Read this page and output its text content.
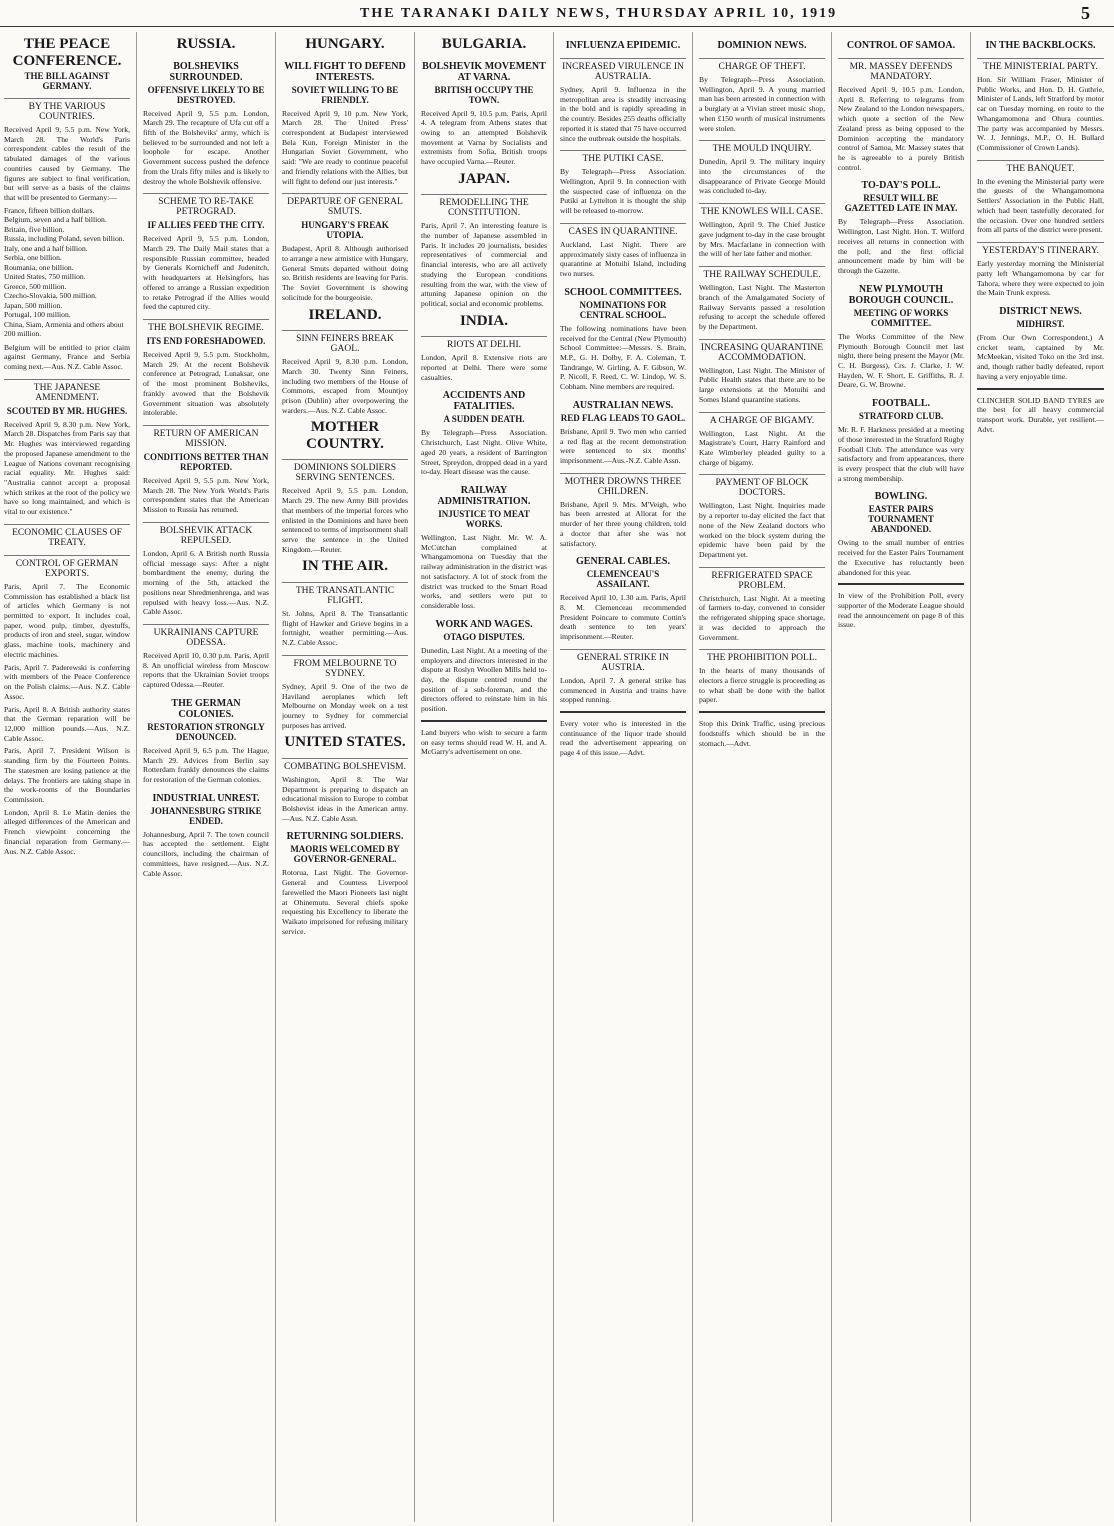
THE TARANAKI DAILY NEWS, THURSDAY APRIL 10, 1919	5
THE PEACE CONFERENCE.
THE BILL AGAINST GERMANY.
BY THE VARIOUS COUNTRIES.

Received April 9, 5.5 p.m. New York, March 28. The World's Paris correspondent cables the result of the tabulated damages of the various countries caused by Germany. The figures are subject to final verification, but will serve as a basis of the claims that will be presented to Germany:—

France, fifteen billion dollars.
Belgium, seven and a half billion.
Britain, five billion.
Russia, including Poland, seven billion.
Italy, one and a half billion.
Serbia, one billion.
Roumania, one billion.
United States, 750 million.
Greece, 500 million.
Czecho-Slovakia, 500 million.
Japan, 500 million.
Portugal, 100 million.
China, Siam, Armenia and others about 200 million.

Belgium will be entitled to prior claim against Germany, France and Serbia coming next.—Aus. N.Z. Cable Assoc.

THE JAPANESE AMENDMENT.
SCOUTED BY MR. HUGHES.

Received April 9, 8.30 p.m. New York, March 28. Dispatches from Paris say that Mr. Hughes was interviewed regarding the proposed Japanese amendment to the League of Nations covenant recognising racial equality. Mr. Hughes said: "Australia cannot accept a proposal which strikes at the root of the policy we have so long maintained, and which is vital to our existence."

ECONOMIC CLAUSES OF TREATY.
CONTROL OF GERMAN EXPORTS.

Paris, April 7. The Economic Commission has established a black list of articles which Germany is not permitted to export. It includes coal, paper, wood pulp, timber, dyestuffs, products of iron and steel, sugar, window glass, machine tools, machinery and electric machines.

Paris, April 7. Paderewski is conferring with members of the Peace Conference on the Polish claims.—Aus. N.Z. Cable Assoc.

Paris, April 8. A British authority states that the German reparation will be 12,000 million pounds.—Aus. N.Z. Cable Assoc.

Paris, April 7. President Wilson is standing firm by the Fourteen Points. The statesmen are losing patience at the delays. The frontiers are taking shape in the work-rooms of the Boundaries Commission.

London, April 8. Le Matin denies the alleged differences of the American and French viewpoint concerning the financial reparation from Germany.—Aus. N.Z. Cable Assoc.

RUSSIA.
BOLSHEVIKS SURROUNDED.
OFFENSIVE LIKELY TO BE DESTROYED.

Received April 9, 5.5 p.m. London, March 29. The recapture of Ufa cut off a fifth of the Bolsheviks' army, which is believed to be surrounded and not left a loophole for escape. Another Government success pushed the defence from the Urals fifty miles and is likely to destroy the whole Bolshevik offensive.

SCHEME TO RE-TAKE PETROGRAD.
IF ALLIES FEED THE CITY.

Received April 9, 5.5 p.m. London, March 29. The Daily Mail states that a responsible Russian committee, headed by Generals Kornicheff and Judenitch, with headquarters at Helsingfors, has offered to arrange a Russian expedition to retake Petrograd if the Allies would feed the captured city.

THE BOLSHEVIK REGIME.
ITS END FORESHADOWED.

Received April 9, 5.5 p.m. Stockholm, March 29. At the recent Bolshevik conference at Petrograd, Lunaksar, one of the most prominent Bolsheviks, frankly avowed that the Bolshevik Government situation was absolutely intolerable.

RETURN OF AMERICAN MISSION.
CONDITIONS BETTER THAN REPORTED.

Received April 9, 5.5 p.m. New York, March 28. The New York World's Paris correspondent states that the American Mission to Russia has returned.

BOLSHEVIK ATTACK REPULSED.

London, April 6. A British north Russia official message says: After a night bombardment the enemy, during the morning of the 5th, attacked the positions near Shredmenhrenga, and was repulsed with heavy loss.—Aus. N.Z. Cable Assoc.

UKRAINIANS CAPTURE ODESSA.

Received April 10, 0.30 p.m. Paris, April 8. An unofficial wireless from Moscow reports that the Ukrainian Soviet troops captured Odessa.—Reuter.

THE GERMAN COLONIES.
RESTORATION STRONGLY DENOUNCED.

Received April 9, 6.5 p.m. The Hague, March 29. Advices from Berlin say Rotterdam frankly denounces the claims for restoration of the German colonies.

INDUSTRIAL UNREST.
JOHANNESBURG STRIKE ENDED.

Johannesburg, April 7. The town council has accepted the settlement. Eight councillors, including the chairman of committees, have resigned.—Aus. N.Z. Cable Assoc.

HUNGARY.
WILL FIGHT TO DEFEND INTERESTS.
SOVIET WILLING TO BE FRIENDLY.

Received April 9, 10 p.m. New York, March 28. The United Press' correspondent at Budapest interviewed Bela Kun, Foreign Minister in the Hungarian Soviet Government, who said: "We are ready to continue peaceful and friendly relations with the Allies, but will fight to defend our just interests."

DEPARTURE OF GENERAL SMUTS.
HUNGARY'S FREAK UTOPIA.

Budapest, April 8. Although authorised to arrange a new armistice with Hungary, General Smuts departed without doing so. British residents are leaving for Paris. The Soviet Government is showing solicitude for the bourgeoisie.

IRELAND.
SINN FEINERS BREAK GAOL.

Received April 9, 8.30 p.m. London, March 30. Twenty Sinn Feiners, including two members of the House of Commons, escaped from Mountjoy prison (Dublin) after overpowering the warders.—Aus. N.Z. Cable Assoc.

MOTHER COUNTRY.
DOMINIONS SOLDIERS SERVING SENTENCES.

Received April 9, 5.5 p.m. London, March 29. The new Army Bill provides that members of the imperial forces who enlisted in the Dominions and have been sentenced to terms of imprisonment shall serve the sentence in the United Kingdom.—Reuter.

IN THE AIR.
THE TRANSATLANTIC FLIGHT.

St. Johns, April 8. The Transatlantic flight of Hawker and Grieve begins in a fortnight, weather permitting.—Aus. N.Z. Cable Assoc.

FROM MELBOURNE TO SYDNEY.

Sydney, April 9. One of the two de Haviland aeroplanes which left Melbourne on Monday week on a test journey to Sydney for commercial purposes has arrived.

UNITED STATES.
COMBATING BOLSHEVISM.

Washington, April 8. The War Department is preparing to dispatch an educational mission to Europe to combat Bolshevist ideas in the American army.—Aus. N.Z. Cable Assn.

RETURNING SOLDIERS.
MAORIS WELCOMED BY GOVERNOR-GENERAL.

Rotorua, Last Night. The Governor-General and Countess Liverpool farewelled the Maori Pioneers last night at Ohinemutu. Several chiefs spoke requesting his Excellency to liberate the Waikato imprisoned for refusing military service.

BULGARIA.
BOLSHEVIK MOVEMENT AT VARNA.
BRITISH OCCUPY THE TOWN.

Received April 9, 10.5 p.m. Paris, April 4. A telegram from Athens states that owing to an attempted Bolshevik movement at Varna by Socialists and extremists from Sofia, British troops have occupied Varna.—Reuter.

JAPAN.
REMODELLING THE CONSTITUTION.

Paris, April 7. An interesting feature is the number of Japanese assembled in Paris. It includes 20 journalists, besides representatives of commercial and financial interests, who are all actively studying the European conditions resulting from the war, with the view of attuning Japanese opinion on the political, social and economic problems.

INDIA.
RIOTS AT DELHI.

London, April 8. Extensive riots are reported at Delhi. There were some casualties.

ACCIDENTS AND FATALITIES.
A SUDDEN DEATH.

By Telegraph—Press Association. Christchurch, Last Night. Olive White, aged 20 years, a resident of Barrington Street, Spreydon, dropped dead in a yard to-day. Heart disease was the cause.

RAILWAY ADMINISTRATION.
INJUSTICE TO MEAT WORKS.

Wellington, Last Night. Mr. W. A. McCutchan complained at Whangamomona on Tuesday that the railway administration in the district was not satisfactory. A lot of stock from the district was trucked to the Smart Road works, and settlers were put to considerable loss.

WORK AND WAGES.
OTAGO DISPUTES.

Dunedin, Last Night. At a meeting of the employers and directors interested in the dispute at Roslyn Woollen Mills held to-day, the dispute centred round the position of a sub-foreman, and the directors offered to reinstate him in his position.

Land buyers who wish to secure a farm on easy terms should read W. H. and A. McGarry's advertisement on one.

INFLUENZA EPIDEMIC.
INCREASED VIRULENCE IN AUSTRALIA.

Sydney, April 9. Influenza in the metropolitan area is steadily increasing in the bold and is rapidly spreading in the country. Besides 255 deaths officially reported it is stated that 75 have occurred since the outbreak outside the hospitals.

THE PUTIKI CASE.

By Telegraph—Press Association. Wellington, April 9. In connection with the suspected case of influenza on the Putiki at Lyttelton it is thought the ship will be released to-morrow.

CASES IN QUARANTINE.

Auckland, Last Night. There are approximately sixty cases of influenza in quarantine at Motuihi Island, including two nurses.

SCHOOL COMMITTEES.
NOMINATIONS FOR CENTRAL SCHOOL.

The following nominations have been received for the Central (New Plymouth) School Committee:—Messrs. S. Brain, M.P., G. H. Dolby, F. A. Coleman, T. Tandrange, W. Girling, A. F. Gibson, W. P. Nicoll, F. Reed, C. W. Lindop, W. S. Cobham. Nine members are required.

AUSTRALIAN NEWS.
RED FLAG LEADS TO GAOL.

Brisbane, April 9. Two men who carried a red flag at the recent demonstration were sentenced to six months' imprisonment.—Aus.-N.Z. Cable Assn.

MOTHER DROWNS THREE CHILDREN.

Brisbane, April 9. Mrs. M'Veigh, who has been arrested at Allorat for the murder of her three young children, told a doctor that after she was not satisfactory.

GENERAL CABLES.
CLEMENCEAU'S ASSAILANT.

Received April 10, 1.30 a.m. Paris, April 8. M. Clemenceau recommended President Poincare to commute Cottin's death sentence to ten years' imprisonment.—Reuter.

GENERAL STRIKE IN AUSTRIA.

London, April 7. A general strike has commenced in Austria and trains have stopped running.

Every voter who is interested in the continuance of the liquor trade should read the advertisement appearing on page 4 of this issue.—Advt.

DOMINION NEWS.
CHARGE OF THEFT.

By Telegraph—Press Association. Wellington, April 9. A young married man has been arrested in connection with a burglary at a Vivian street music shop, when £150 worth of musical instruments were stolen.

THE MOULD INQUIRY.

Dunedin, April 9. The military inquiry into the circumstances of the disappearance of Private George Mould was concluded to-day.

THE KNOWLES WILL CASE.

Wellington, April 9. The Chief Justice gave judgment to-day in the case brought by Mrs. Macfarlane in connection with the will of her late father and mother.

THE RAILWAY SCHEDULE.

Wellington, Last Night. The Masterton branch of the Amalgamated Society of Railway Servants passed a resolution refusing to accept the schedule offered by the Department.

INCREASING QUARANTINE ACCOMMODATION.

Wellington, Last Night. The Minister of Public Health states that there are to be large extensions at the Motuihi and Somes Island quarantine stations.

A CHARGE OF BIGAMY.

Wellington, Last Night. At the Magistrate's Court, Harry Rainford and Kate Wimberley pleaded guilty to a charge of bigamy.

PAYMENT OF BLOCK DOCTORS.

Wellington, Last Night. Inquiries made by a reporter to-day elicited the fact that none of the New Zealand doctors who worked on the block system during the epidemic have been paid by the Department yet.

REFRIGERATED SPACE PROBLEM.

Christchurch, Last Night. At a meeting of farmers to-day, convened to consider the refrigerated shipping space shortage, it was decided to approach the Government.

THE PROHIBITION POLL.

In the hearts of many thousands of electors a fierce struggle is proceeding as to what shall be done with the ballot paper.

Stop this Drink Traffic, using precious foodstuffs which should be in the stomach.—Advt.

CONTROL OF SAMOA.
MR. MASSEY DEFENDS MANDATORY.

Received April 9, 10.5 p.m. London, April 8. Referring to telegrams from New Zealand to the London newspapers, which quote a section of the New Zealand press as being opposed to the Dominion accepting the mandatory control of Samoa, Mr. Massey states that he is agreeable to a purely British control.

TO-DAY'S POLL.
RESULT WILL BE GAZETTED LATE IN MAY.

By Telegraph—Press Association. Wellington, Last Night. Hon. T. Wilford receives all returns in connection with the poll, and the first official announcement made by him will be through the Gazette.

NEW PLYMOUTH BOROUGH COUNCIL.
MEETING OF WORKS COMMITTEE.

The Works Committee of the New Plymouth Borough Council met last night, there being present the Mayor (Mr. C. H. Burgess), Crs. J. Clarke, J. W. Hayden, W. F. Short, E. Griffiths, R. J. Deare, G. W. Browne.

FOOTBALL.
STRATFORD CLUB.

Mr. R. F. Harkness presided at a meeting of those interested in the Stratford Rugby Football Club. The attendance was very satisfactory and from appearances, there is every prospect that the club will have a strong membership.

BOWLING.
EASTER PAIRS TOURNAMENT ABANDONED.

Owing to the small number of entries received for the Easter Pairs Tournament the Executive has reluctantly been abandoned for this year.

In view of the Prohibition Poll, every supporter of the Moderate League should read the announcement on page 8 of this issue.

IN THE BACKBLOCKS.
THE MINISTERIAL PARTY.

Hon. Sir William Fraser, Minister of Public Works, and Hon. D. H. Guthrie, Minister of Lands, left Stratford by motor car on Tuesday morning, en route to the Whangamomona and Ohura counties. The party was accompanied by Messrs. W. J. Jennings, M.P., O. H. Bullard (Commissioner of Crown Lands).

THE BANQUET.

In the evening the Ministerial party were the guests of the Whangamomona Settlers' Association in the Public Hall, which had been tastefully decorated for the occasion. Over one hundred settlers from all parts of the district were present.

YESTERDAY'S ITINERARY.

Early yesterday morning the Ministerial party left Whangamomona by car for Tahora, where they were expected to join the Main Trunk express.

DISTRICT NEWS.
MIDHIRST.

(From Our Own Correspondent.) A cricket team, captained by Mr. McMeekan, visited Toko on the 3rd inst. and, though rather badly defeated, report having a very enjoyable time.

CLINCHER SOLID BAND TYRES are the best for all heavy commercial transport work. Durable, yet resilient.—Advt.
